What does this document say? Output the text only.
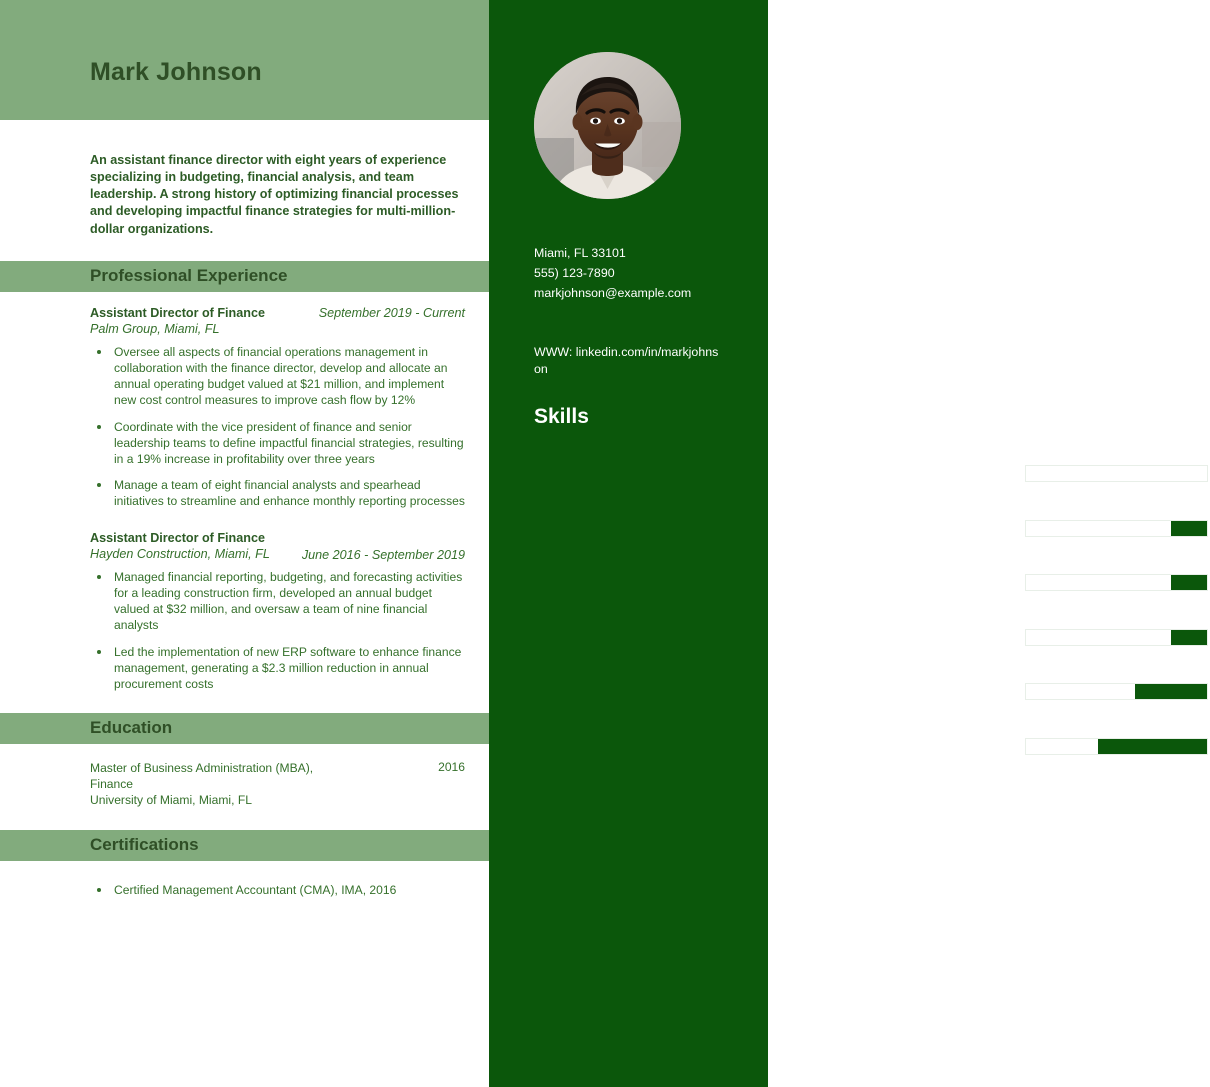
Mark Johnson
An assistant finance director with eight years of experience specializing in budgeting, financial analysis, and team leadership. A strong history of optimizing financial processes and developing impactful finance strategies for multi-million-dollar organizations.
Professional Experience
Assistant Director of Finance
Palm Group, Miami, FL
September 2019 - Current
Oversee all aspects of financial operations management in collaboration with the finance director, develop and allocate an annual operating budget valued at $21 million, and implement new cost control measures to improve cash flow by 12%
Coordinate with the vice president of finance and senior leadership teams to define impactful financial strategies, resulting in a 19% increase in profitability over three years
Manage a team of eight financial analysts and spearhead initiatives to streamline and enhance monthly reporting processes
Assistant Director of Finance
Hayden Construction, Miami, FL	June 2016 - September 2019
Managed financial reporting, budgeting, and forecasting activities for a leading construction firm, developed an annual budget valued at $32 million, and oversaw a team of nine financial analysts
Led the implementation of new ERP software to enhance finance management, generating a $2.3 million reduction in annual procurement costs
Education
Master of Business Administration (MBA), Finance
University of Miami, Miami, FL
2016
Certifications
Certified Management Accountant (CMA), IMA, 2016
Miami, FL 33101
555) 123-7890
markjohnson@example.com
WWW: linkedin.com/in/markjohnson
Skills
Budget management
Financial reporting
Team leadership
Cash flow optimization
Financial modeling
Forecasting
